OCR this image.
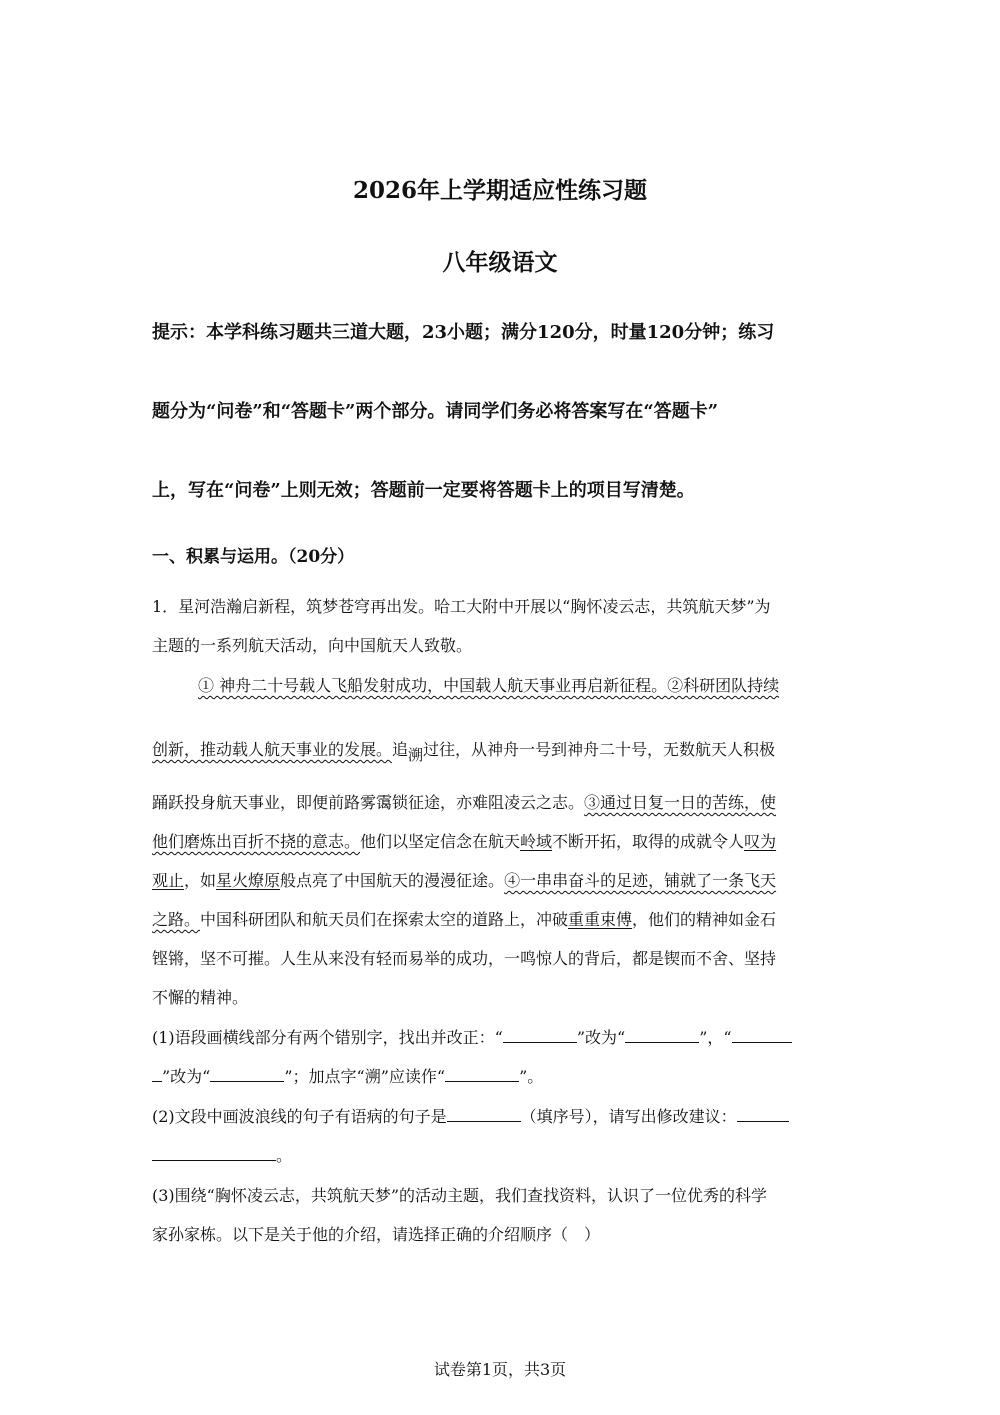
2026年上学期适应性练习题
八年级语文
提示：本学科练习题共三道大题，23小题；满分120分，时量120分钟；练习
题分为“问卷”和“答题卡”两个部分。请同学们务必将答案写在“答题卡”
上，写在“问卷”上则无效；答题前一定要将答题卡上的项目写清楚。
一、积累与运用。（20分）
1．星河浩瀚启新程，筑梦苍穹再出发。哈工大附中开展以“胸怀凌云志，共筑航天梦”为
主题的一系列航天活动，向中国航天人致敬。
① 神舟二十号载人飞船发射成功，中国载人航天事业再启新征程。②科研团队持续
创新，推动载人航天事业的发展。追溯过往，从神舟一号到神舟二十号，无数航天人积极
踊跃投身航天事业，即便前路雾霭锁征途，亦难阻凌云之志。③通过日复一日的苦练，使
他们磨炼出百折不挠的意志。他们以坚定信念在航天岭域不断开拓，取得的成就令人叹为
观止，如星火燎原般点亮了中国航天的漫漫征途。④一串串奋斗的足迹，铺就了一条飞天
之路。中国科研团队和航天员们在探索太空的道路上，冲破重重束傅，他们的精神如金石
铿锵，坚不可摧。人生从来没有轻而易举的成功，一鸣惊人的背后，都是锲而不舍、坚持
不懈的精神。
(1)语段画横线部分有两个错别字，找出并改正：“	”改为“	”，“
”改为“	”；加点字“溯”应读作“	”。
(2)文段中画波浪线的句子有语病的句子是	（填序号），请写出修改建议：
。
(3)围绕“胸怀凌云志，共筑航天梦”的活动主题，我们查找资料，认识了一位优秀的科学
家孙家栋。以下是关于他的介绍，请选择正确的介绍顺序（　）
试卷第1页，共3页
